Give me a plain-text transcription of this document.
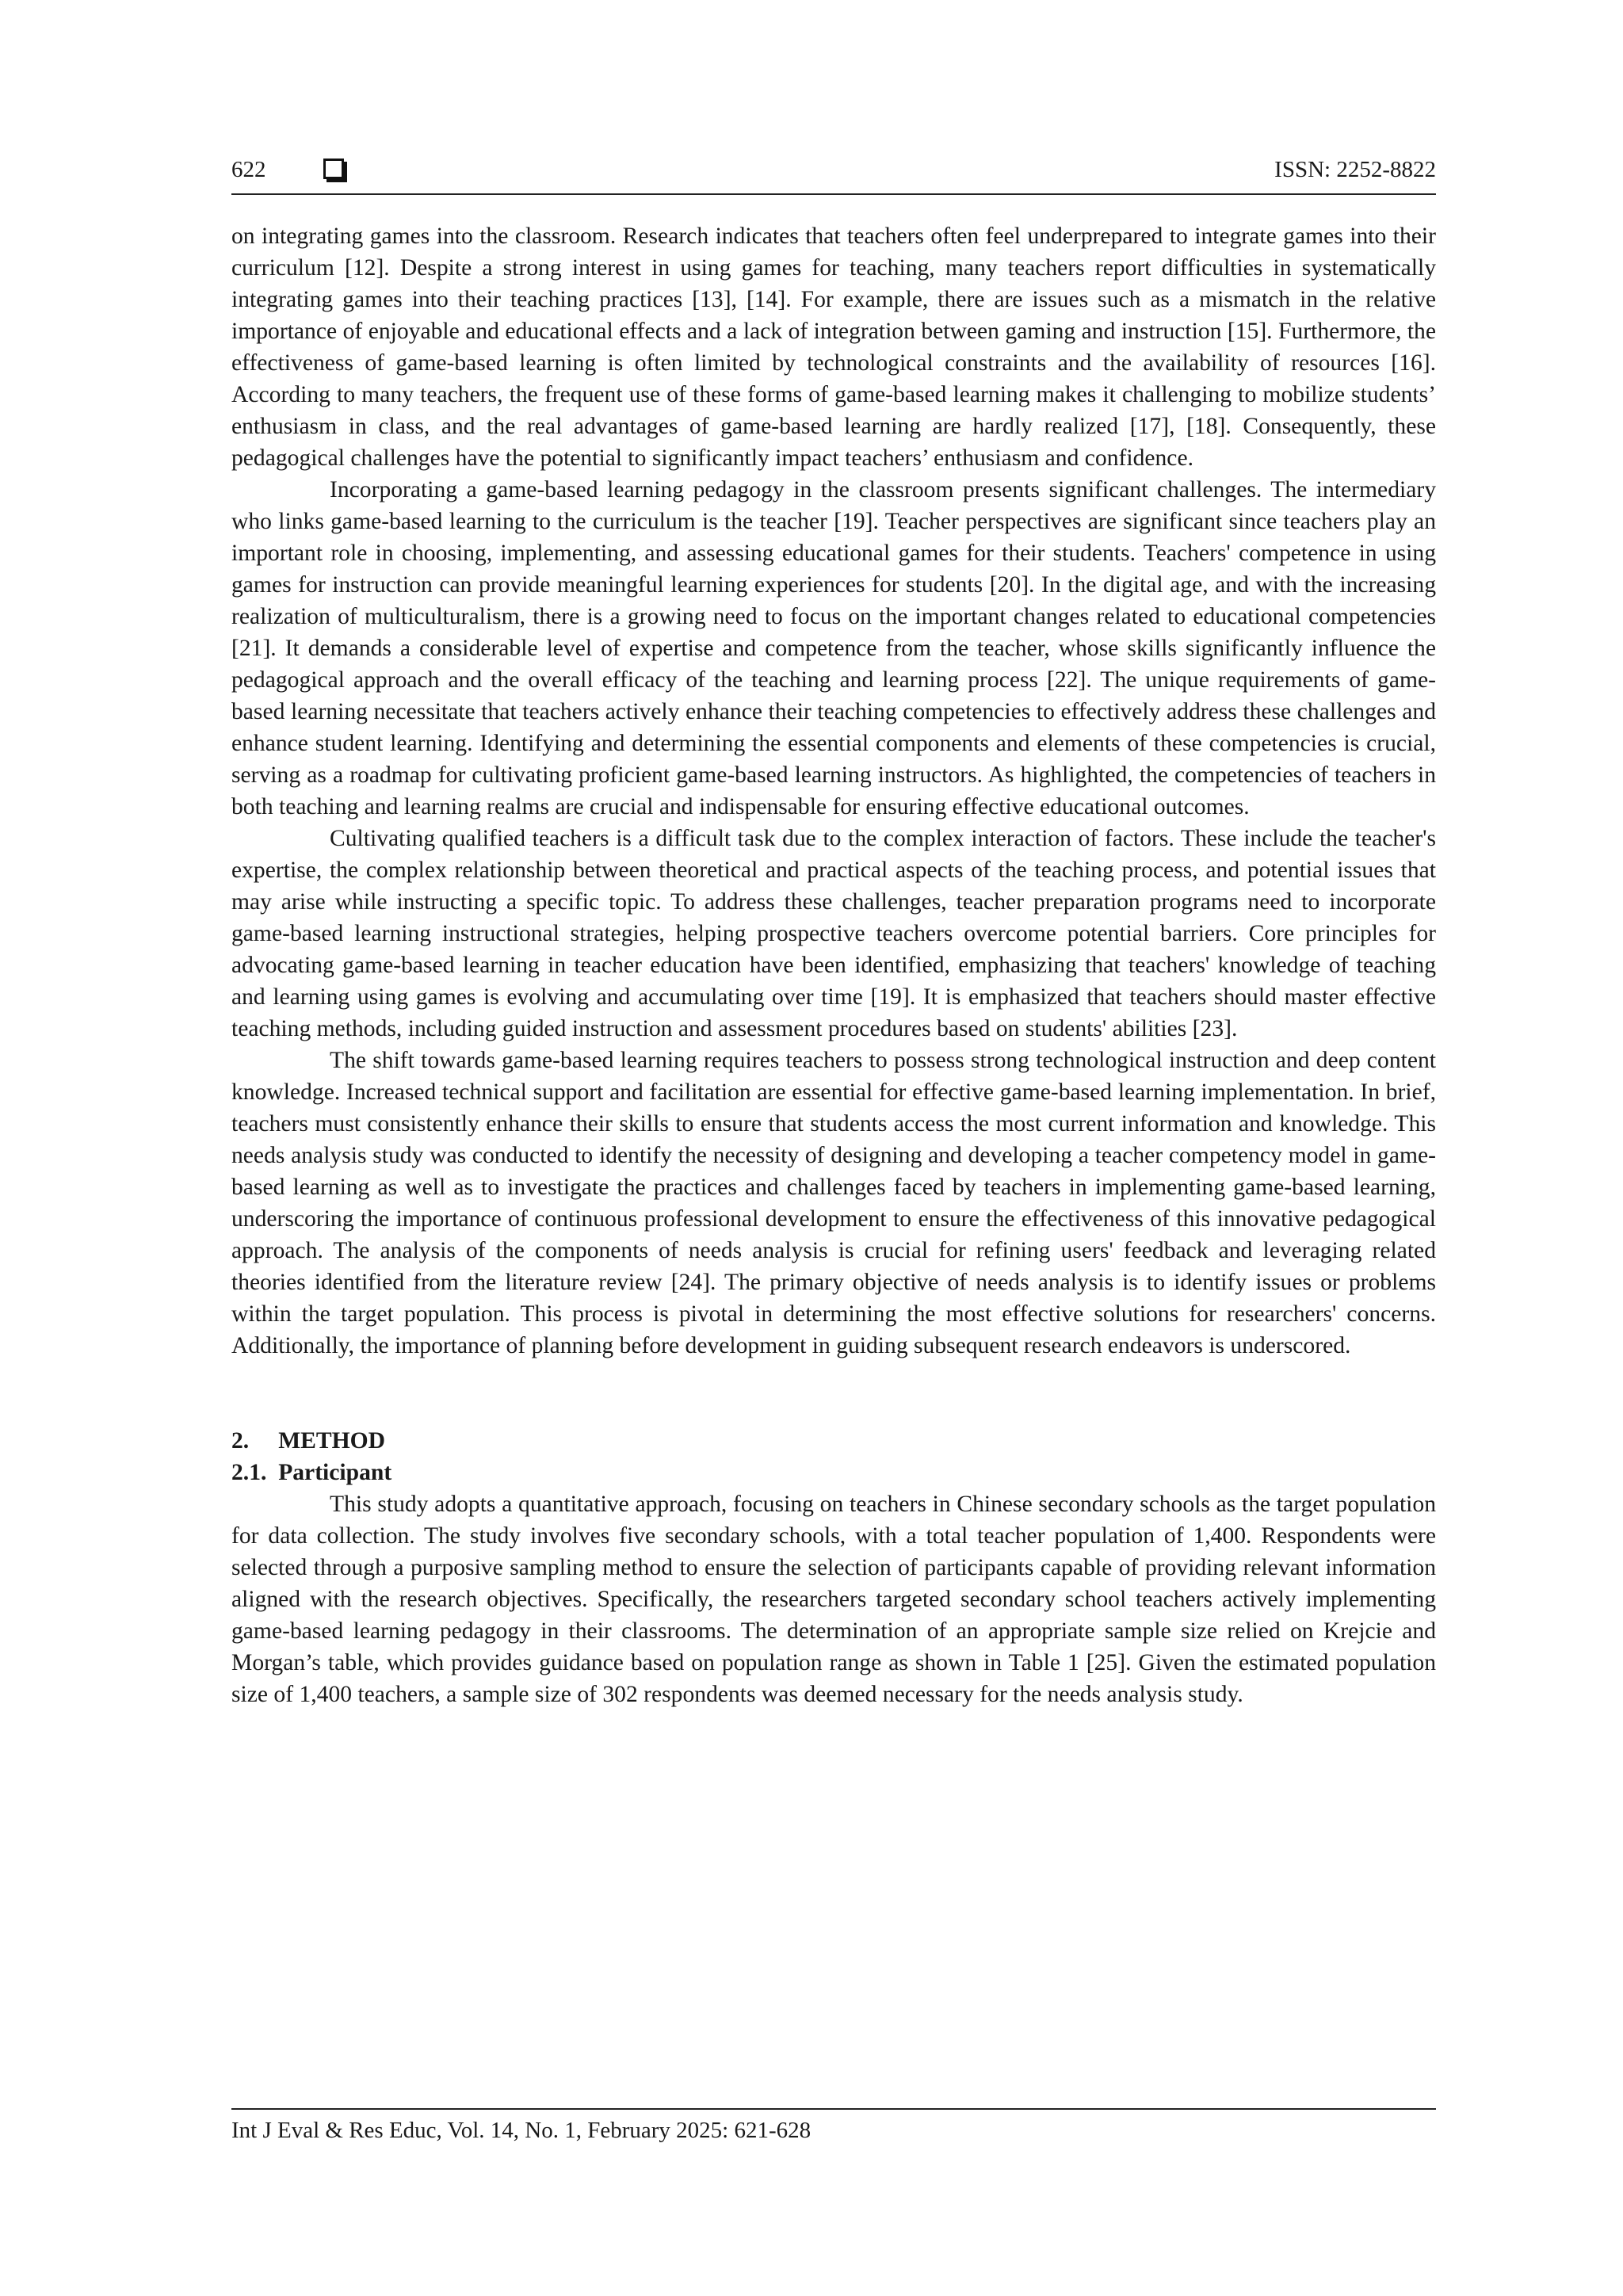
622	ISSN: 2252-8822

on integrating games into the classroom. Research indicates that teachers often feel underprepared to integrate games into their curriculum [12]. Despite a strong interest in using games for teaching, many teachers report difficulties in systematically integrating games into their teaching practices [13], [14]. For example, there are issues such as a mismatch in the relative importance of enjoyable and educational effects and a lack of integration between gaming and instruction [15]. Furthermore, the effectiveness of game-based learning is often limited by technological constraints and the availability of resources [16]. According to many teachers, the frequent use of these forms of game-based learning makes it challenging to mobilize students’ enthusiasm in class, and the real advantages of game-based learning are hardly realized [17], [18]. Consequently, these pedagogical challenges have the potential to significantly impact teachers’ enthusiasm and confidence.

Incorporating a game-based learning pedagogy in the classroom presents significant challenges. The intermediary who links game-based learning to the curriculum is the teacher [19]. Teacher perspectives are significant since teachers play an important role in choosing, implementing, and assessing educational games for their students. Teachers' competence in using games for instruction can provide meaningful learning experiences for students [20]. In the digital age, and with the increasing realization of multiculturalism, there is a growing need to focus on the important changes related to educational competencies [21]. It demands a considerable level of expertise and competence from the teacher, whose skills significantly influence the pedagogical approach and the overall efficacy of the teaching and learning process [22]. The unique requirements of game-based learning necessitate that teachers actively enhance their teaching competencies to effectively address these challenges and enhance student learning. Identifying and determining the essential components and elements of these competencies is crucial, serving as a roadmap for cultivating proficient game-based learning instructors. As highlighted, the competencies of teachers in both teaching and learning realms are crucial and indispensable for ensuring effective educational outcomes.

Cultivating qualified teachers is a difficult task due to the complex interaction of factors. These include the teacher's expertise, the complex relationship between theoretical and practical aspects of the teaching process, and potential issues that may arise while instructing a specific topic. To address these challenges, teacher preparation programs need to incorporate game-based learning instructional strategies, helping prospective teachers overcome potential barriers. Core principles for advocating game-based learning in teacher education have been identified, emphasizing that teachers' knowledge of teaching and learning using games is evolving and accumulating over time [19]. It is emphasized that teachers should master effective teaching methods, including guided instruction and assessment procedures based on students' abilities [23].

The shift towards game-based learning requires teachers to possess strong technological instruction and deep content knowledge. Increased technical support and facilitation are essential for effective game-based learning implementation. In brief, teachers must consistently enhance their skills to ensure that students access the most current information and knowledge. This needs analysis study was conducted to identify the necessity of designing and developing a teacher competency model in game-based learning as well as to investigate the practices and challenges faced by teachers in implementing game-based learning, underscoring the importance of continuous professional development to ensure the effectiveness of this innovative pedagogical approach. The analysis of the components of needs analysis is crucial for refining users' feedback and leveraging related theories identified from the literature review [24]. The primary objective of needs analysis is to identify issues or problems within the target population. This process is pivotal in determining the most effective solutions for researchers' concerns. Additionally, the importance of planning before development in guiding subsequent research endeavors is underscored.

2. METHOD

2.1. Participant

This study adopts a quantitative approach, focusing on teachers in Chinese secondary schools as the target population for data collection. The study involves five secondary schools, with a total teacher population of 1,400. Respondents were selected through a purposive sampling method to ensure the selection of participants capable of providing relevant information aligned with the research objectives. Specifically, the researchers targeted secondary school teachers actively implementing game-based learning pedagogy in their classrooms. The determination of an appropriate sample size relied on Krejcie and Morgan’s table, which provides guidance based on population range as shown in Table 1 [25]. Given the estimated population size of 1,400 teachers, a sample size of 302 respondents was deemed necessary for the needs analysis study.

Int J Eval & Res Educ, Vol. 14, No. 1, February 2025: 621-628
